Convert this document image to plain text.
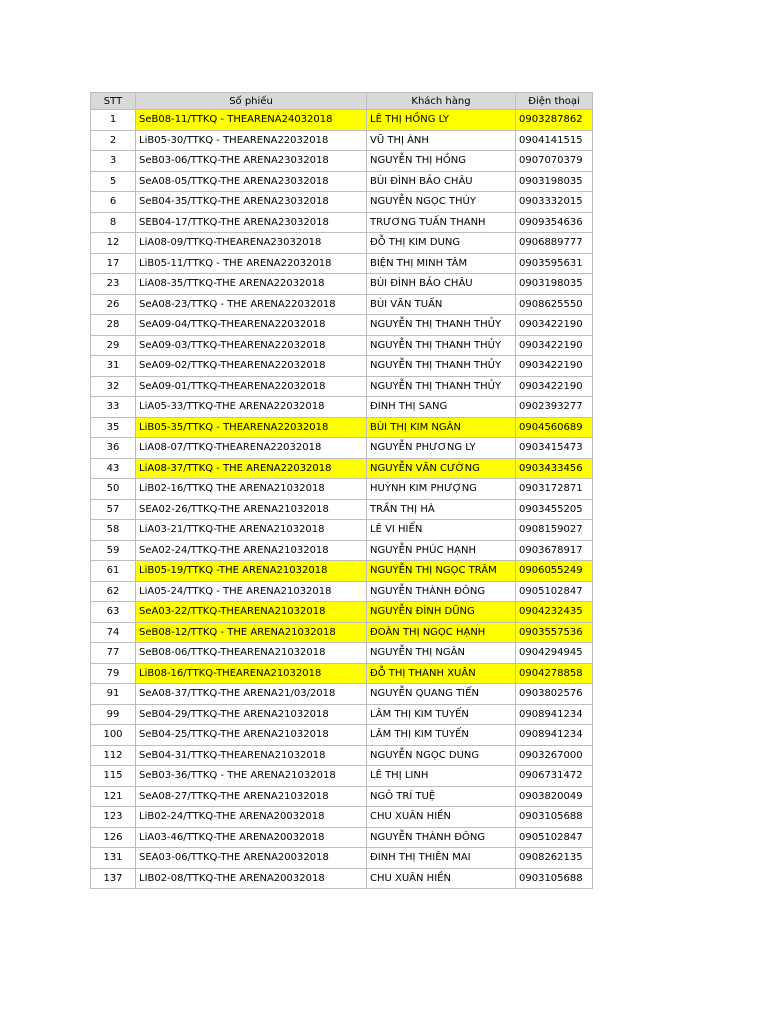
STT	Số phiếu	Khách hàng	Điện thoại
1	SeB08-11/TTKQ - THEARENA24032018	LÊ THỊ HỒNG LY	0903287862
2	LiB05-30/TTKQ - THEARENA22032018	VŨ THỊ ÁNH	0904141515
3	SeB03-06/TTKQ-THE ARENA23032018	NGUYỄN THỊ HỒNG	0907070379
5	SeA08-05/TTKQ-THE ARENA23032018	BÙI ĐÌNH BẢO CHÂU	0903198035
6	SeB04-35/TTKQ-THE ARENA23032018	NGUYỄN NGỌC THÚY	0903332015
8	SEB04-17/TTKQ-THE ARENA23032018	TRƯƠNG TUẤN THANH	0909354636
12	LiA08-09/TTKQ-THEARENA23032018	ĐỖ THỊ KIM DUNG	0906889777
17	LiB05-11/TTKQ - THE ARENA22032018	BIỆN THỊ MINH TÂM	0903595631
23	LiA08-35/TTKQ-THE ARENA22032018	BÙI ĐÌNH BẢO CHÂU	0903198035
26	SeA08-23/TTKQ - THE ARENA22032018	BÙI VĂN TUẤN	0908625550
28	SeA09-04/TTKQ-THEARENA22032018	NGUYỄN THỊ THANH THỦY	0903422190
29	SeA09-03/TTKQ-THEARENA22032018	NGUYỄN THỊ THANH THỦY	0903422190
31	SeA09-02/TTKQ-THEARENA22032018	NGUYỄN THỊ THANH THỦY	0903422190
32	SeA09-01/TTKQ-THEARENA22032018	NGUYỄN THỊ THANH THỦY	0903422190
33	LiA05-33/TTKQ-THE ARENA22032018	ĐINH THỊ SANG	0902393277
35	LiB05-35/TTKQ - THEARENA22032018	BÙI THỊ KIM NGÂN	0904560689
36	LiA08-07/TTKQ-THEARENA22032018	NGUYỄN PHƯƠNG LY	0903415473
43	LiA08-37/TTKQ - THE ARENA22032018	NGUYỄN VĂN CƯỜNG	0903433456
50	LiB02-16/TTKQ THE ARENA21032018	HUỲNH KIM PHƯỢNG	0903172871
57	SEA02-26/TTKQ-THE ARENA21032018	TRẦN THỊ HÀ	0903455205
58	LiA03-21/TTKQ-THE ARENA21032018	LÊ VI HIỂN	0908159027
59	SeA02-24/TTKQ-THE ARENA21032018	NGUYỄN PHÚC HẠNH	0903678917
61	LiB05-19/TTKQ -THE ARENA21032018	NGUYỄN THỊ NGỌC TRÂM	0906055249
62	LiA05-24/TTKQ - THE ARENA21032018	NGUYỄN THÀNH ĐÔNG	0905102847
63	SeA03-22/TTKQ-THEARENA21032018	NGUYỄN ĐÌNH DŨNG	0904232435
74	SeB08-12/TTKQ - THE ARENA21032018	ĐOÀN THỊ NGỌC HẠNH	0903557536
77	SeB08-06/TTKQ-THEARENA21032018	NGUYỄN THỊ NGÂN	0904294945
79	LiB08-16/TTKQ-THEARENA21032018	ĐỖ THỊ THANH XUÂN	0904278858
91	SeA08-37/TTKQ-THE ARENA21/03/2018	NGUYỄN QUANG TIẾN	0903802576
99	SeB04-29/TTKQ-THE ARENA21032018	LÂM THỊ KIM TUYẾN	0908941234
100	SeB04-25/TTKQ-THE ARENA21032018	LÂM THỊ KIM TUYẾN	0908941234
112	SeB04-31/TTKQ-THEARENA21032018	NGUYỄN NGỌC DUNG	0903267000
115	SeB03-36/TTKQ - THE ARENA21032018	LÊ THỊ LINH	0906731472
121	SeA08-27/TTKQ-THE ARENA21032018	NGÔ TRÍ TUỆ	0903820049
123	LiB02-24/TTKQ-THE ARENA20032018	CHU XUÂN HIỀN	0903105688
126	LiA03-46/TTKQ-THE ARENA20032018	NGUYỄN THÀNH ĐÔNG	0905102847
131	SEA03-06/TTKQ-THE ARENA20032018	ĐINH THỊ THIÊN MAI	0908262135
137	LIB02-08/TTKQ-THE ARENA20032018	CHU XUÂN HIỀN	0903105688
